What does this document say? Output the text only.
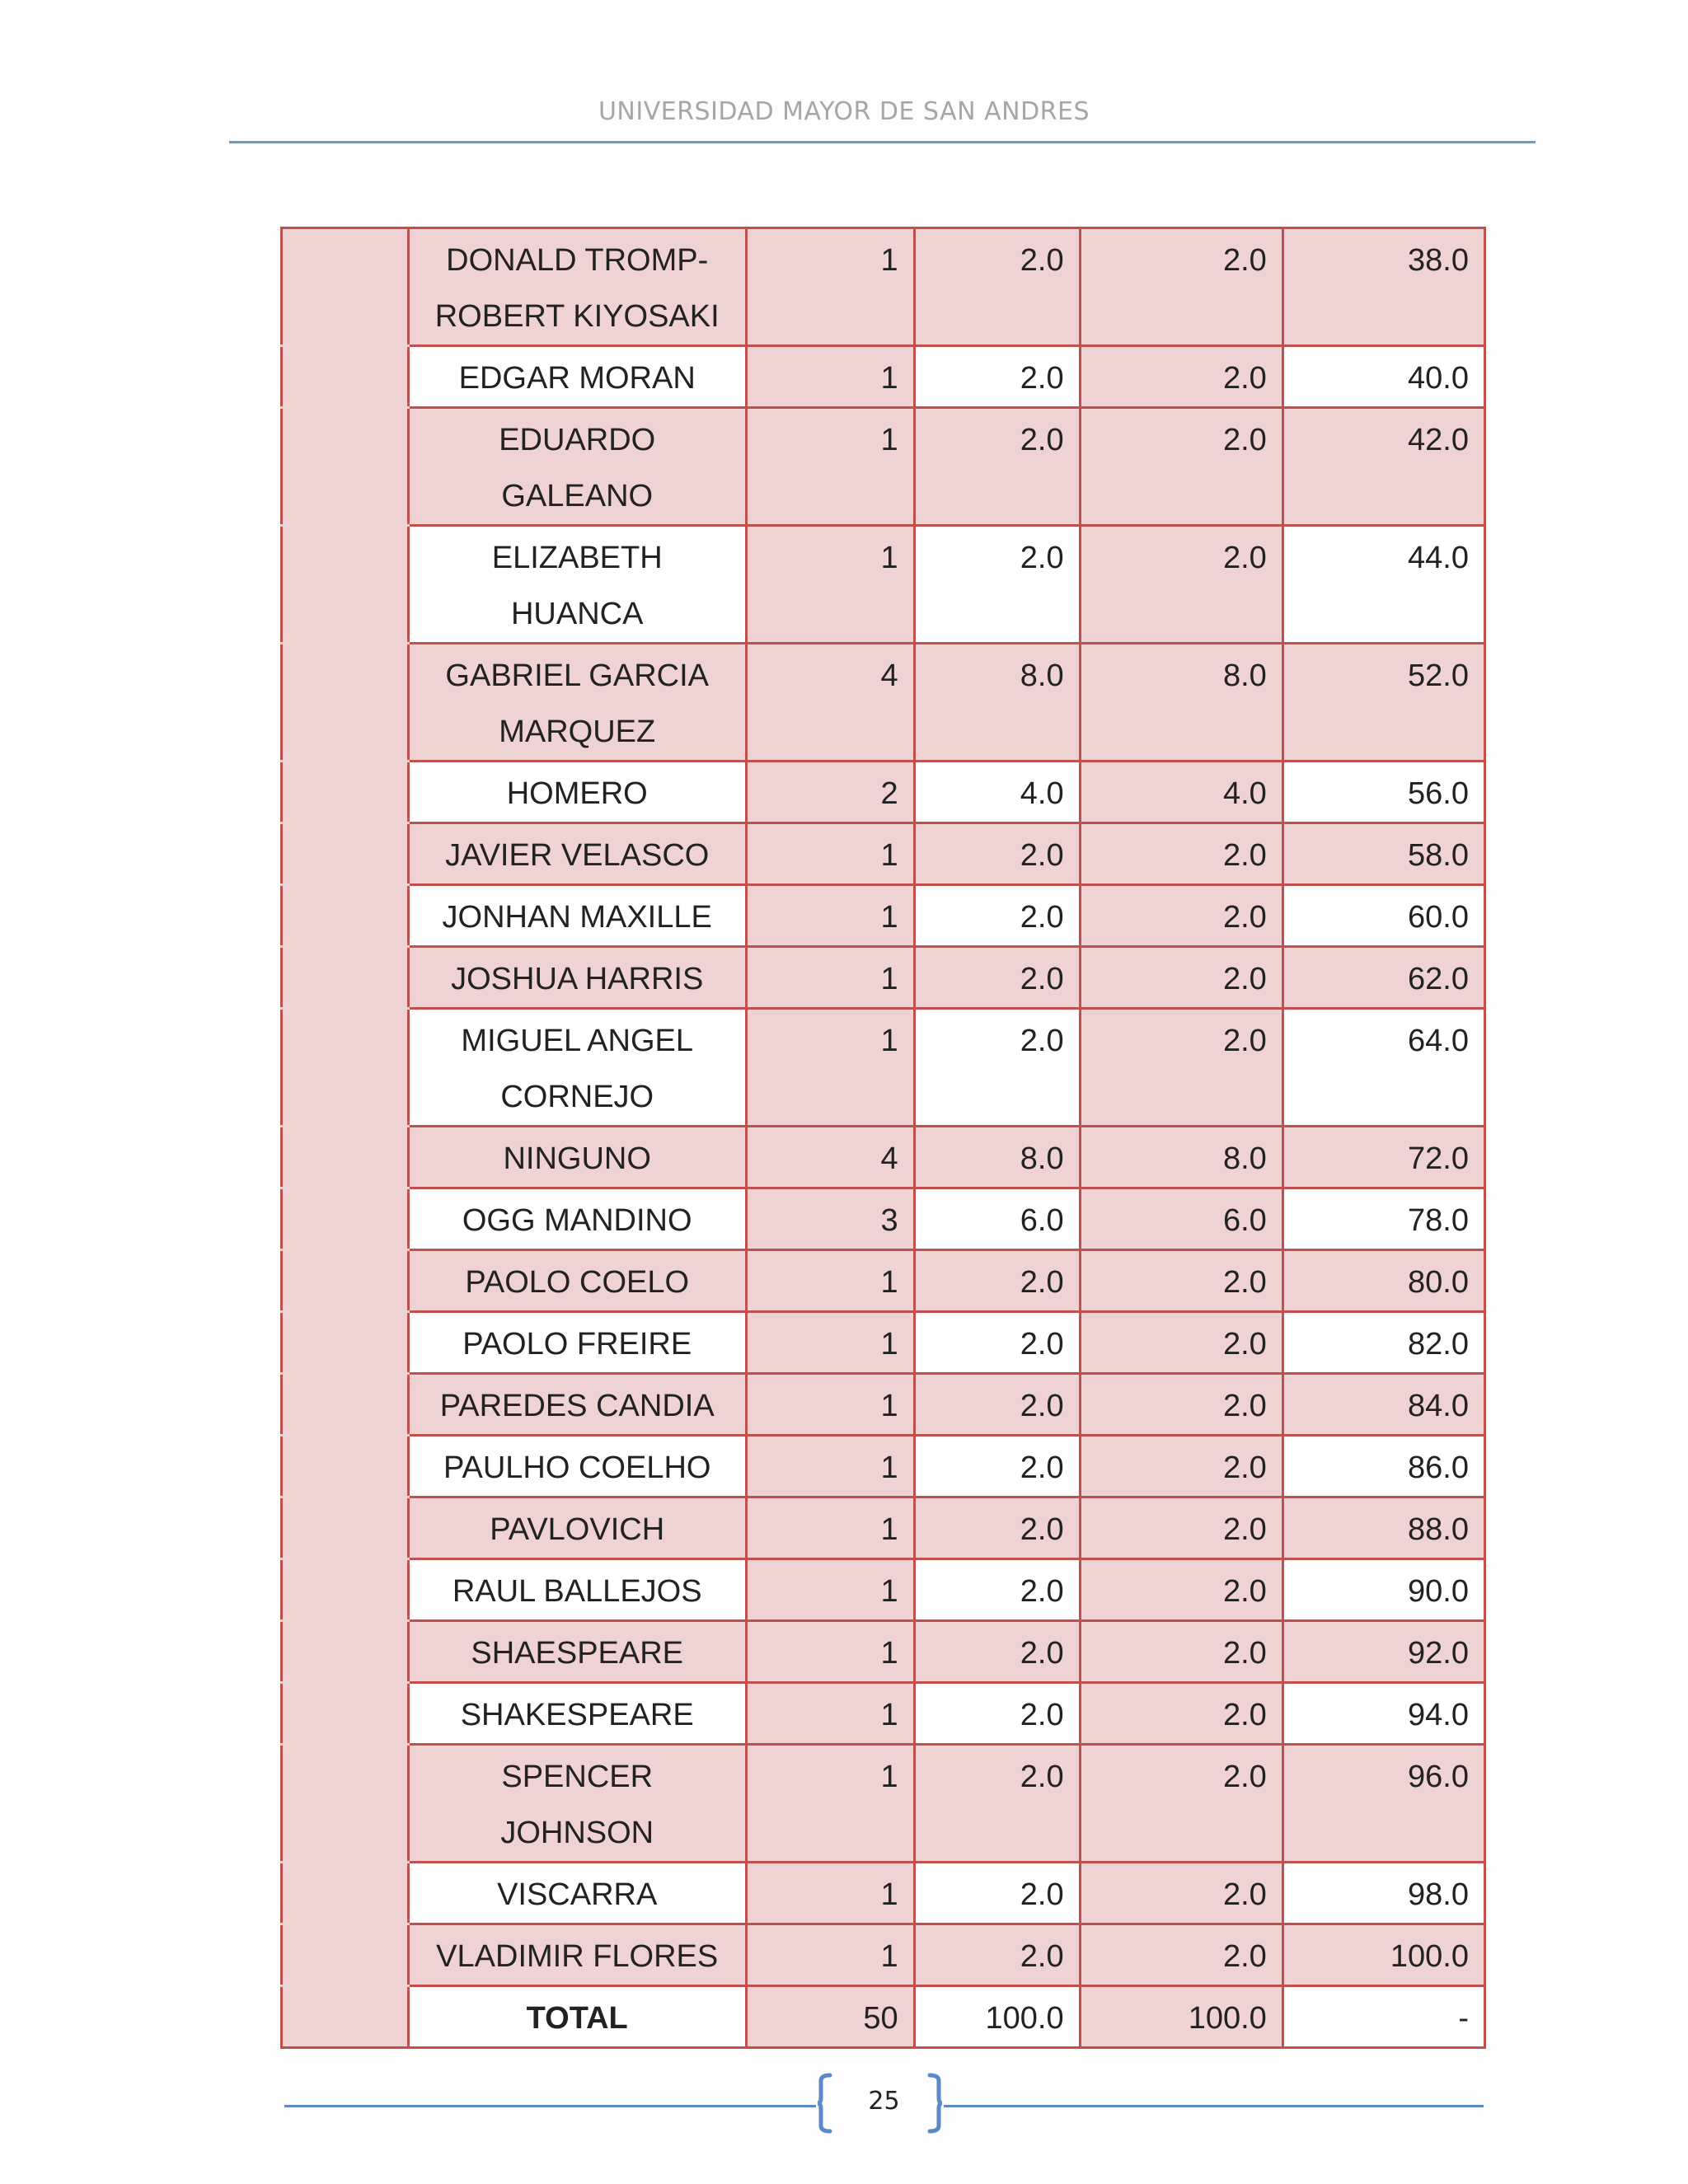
UNIVERSIDAD MAYOR DE SAN ANDRES
	DONALD TROMP-
ROBERT KIYOSAKI	1	2.0	2.0	38.0
	EDGAR MORAN	1	2.0	2.0	40.0
	EDUARDO
GALEANO	1	2.0	2.0	42.0
	ELIZABETH
HUANCA	1	2.0	2.0	44.0
	GABRIEL GARCIA
MARQUEZ	4	8.0	8.0	52.0
	HOMERO	2	4.0	4.0	56.0
	JAVIER VELASCO	1	2.0	2.0	58.0
	JONHAN MAXILLE	1	2.0	2.0	60.0
	JOSHUA HARRIS	1	2.0	2.0	62.0
	MIGUEL ANGEL
CORNEJO	1	2.0	2.0	64.0
	NINGUNO	4	8.0	8.0	72.0
	OGG MANDINO	3	6.0	6.0	78.0
	PAOLO COELO	1	2.0	2.0	80.0
	PAOLO FREIRE	1	2.0	2.0	82.0
	PAREDES CANDIA	1	2.0	2.0	84.0
	PAULHO COELHO	1	2.0	2.0	86.0
	PAVLOVICH	1	2.0	2.0	88.0
	RAUL BALLEJOS	1	2.0	2.0	90.0
	SHAESPEARE	1	2.0	2.0	92.0
	SHAKESPEARE	1	2.0	2.0	94.0
	SPENCER
JOHNSON	1	2.0	2.0	96.0
	VISCARRA	1	2.0	2.0	98.0
	VLADIMIR FLORES	1	2.0	2.0	100.0
	TOTAL	50	100.0	100.0	-
25
